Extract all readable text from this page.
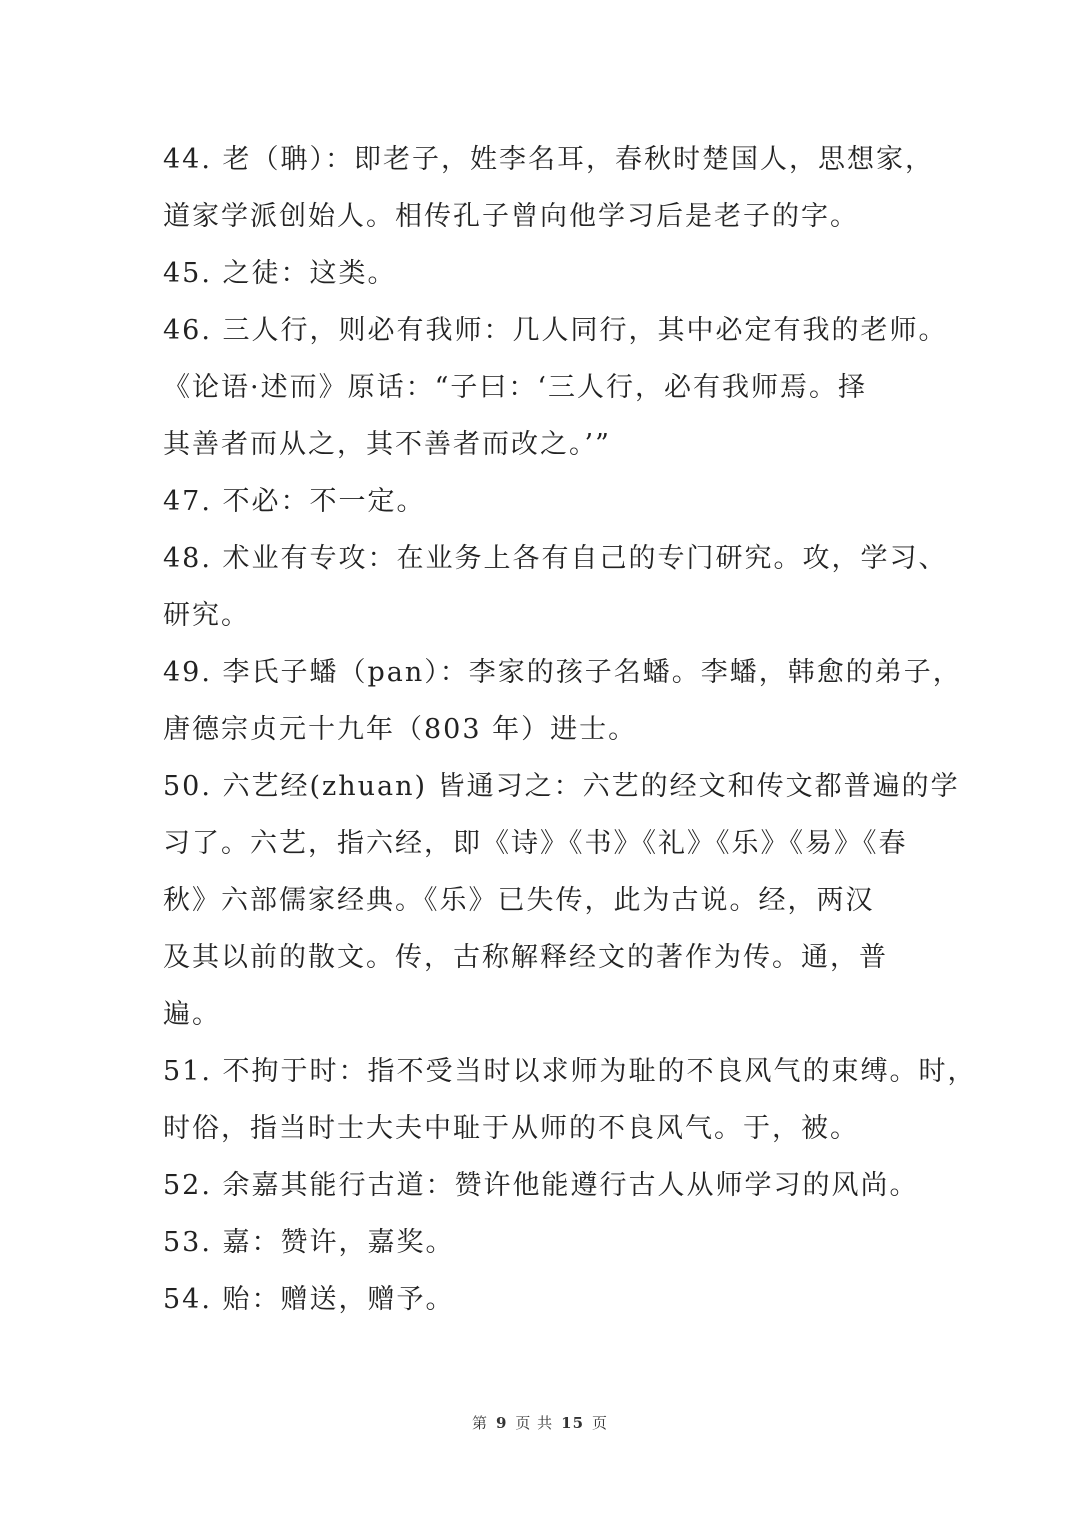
44. 老（聃）：即老子，姓李名耳，春秋时楚国人，思想家，
道家学派创始人。相传孔子曾向他学习后是老子的字。
45. 之徒：这类。
46. 三人行，则必有我师：几人同行，其中必定有我的老师。
《论语·述而》原话：“子曰：‘三人行，必有我师焉。择
其善者而从之，其不善者而改之。’”
47. 不必：不一定。
48. 术业有专攻：在业务上各有自己的专门研究。攻，学习、
研究。
49. 李氏子蟠（pan）：李家的孩子名蟠。李蟠，韩愈的弟子，
唐德宗贞元十九年（803 年）进士。
50. 六艺经(zhuan) 皆通习之：六艺的经文和传文都普遍的学
习了。六艺，指六经，即《诗》《书》《礼》《乐》《易》《春
秋》六部儒家经典。《乐》已失传，此为古说。经，两汉
及其以前的散文。传，古称解释经文的著作为传。通，普
遍。
51. 不拘于时：指不受当时以求师为耻的不良风气的束缚。时，
时俗，指当时士大夫中耻于从师的不良风气。于，被。
52. 余嘉其能行古道：赞许他能遵行古人从师学习的风尚。
53. 嘉：赞许，嘉奖。
54. 贻：赠送，赠予。
第 9 页 共 15 页
